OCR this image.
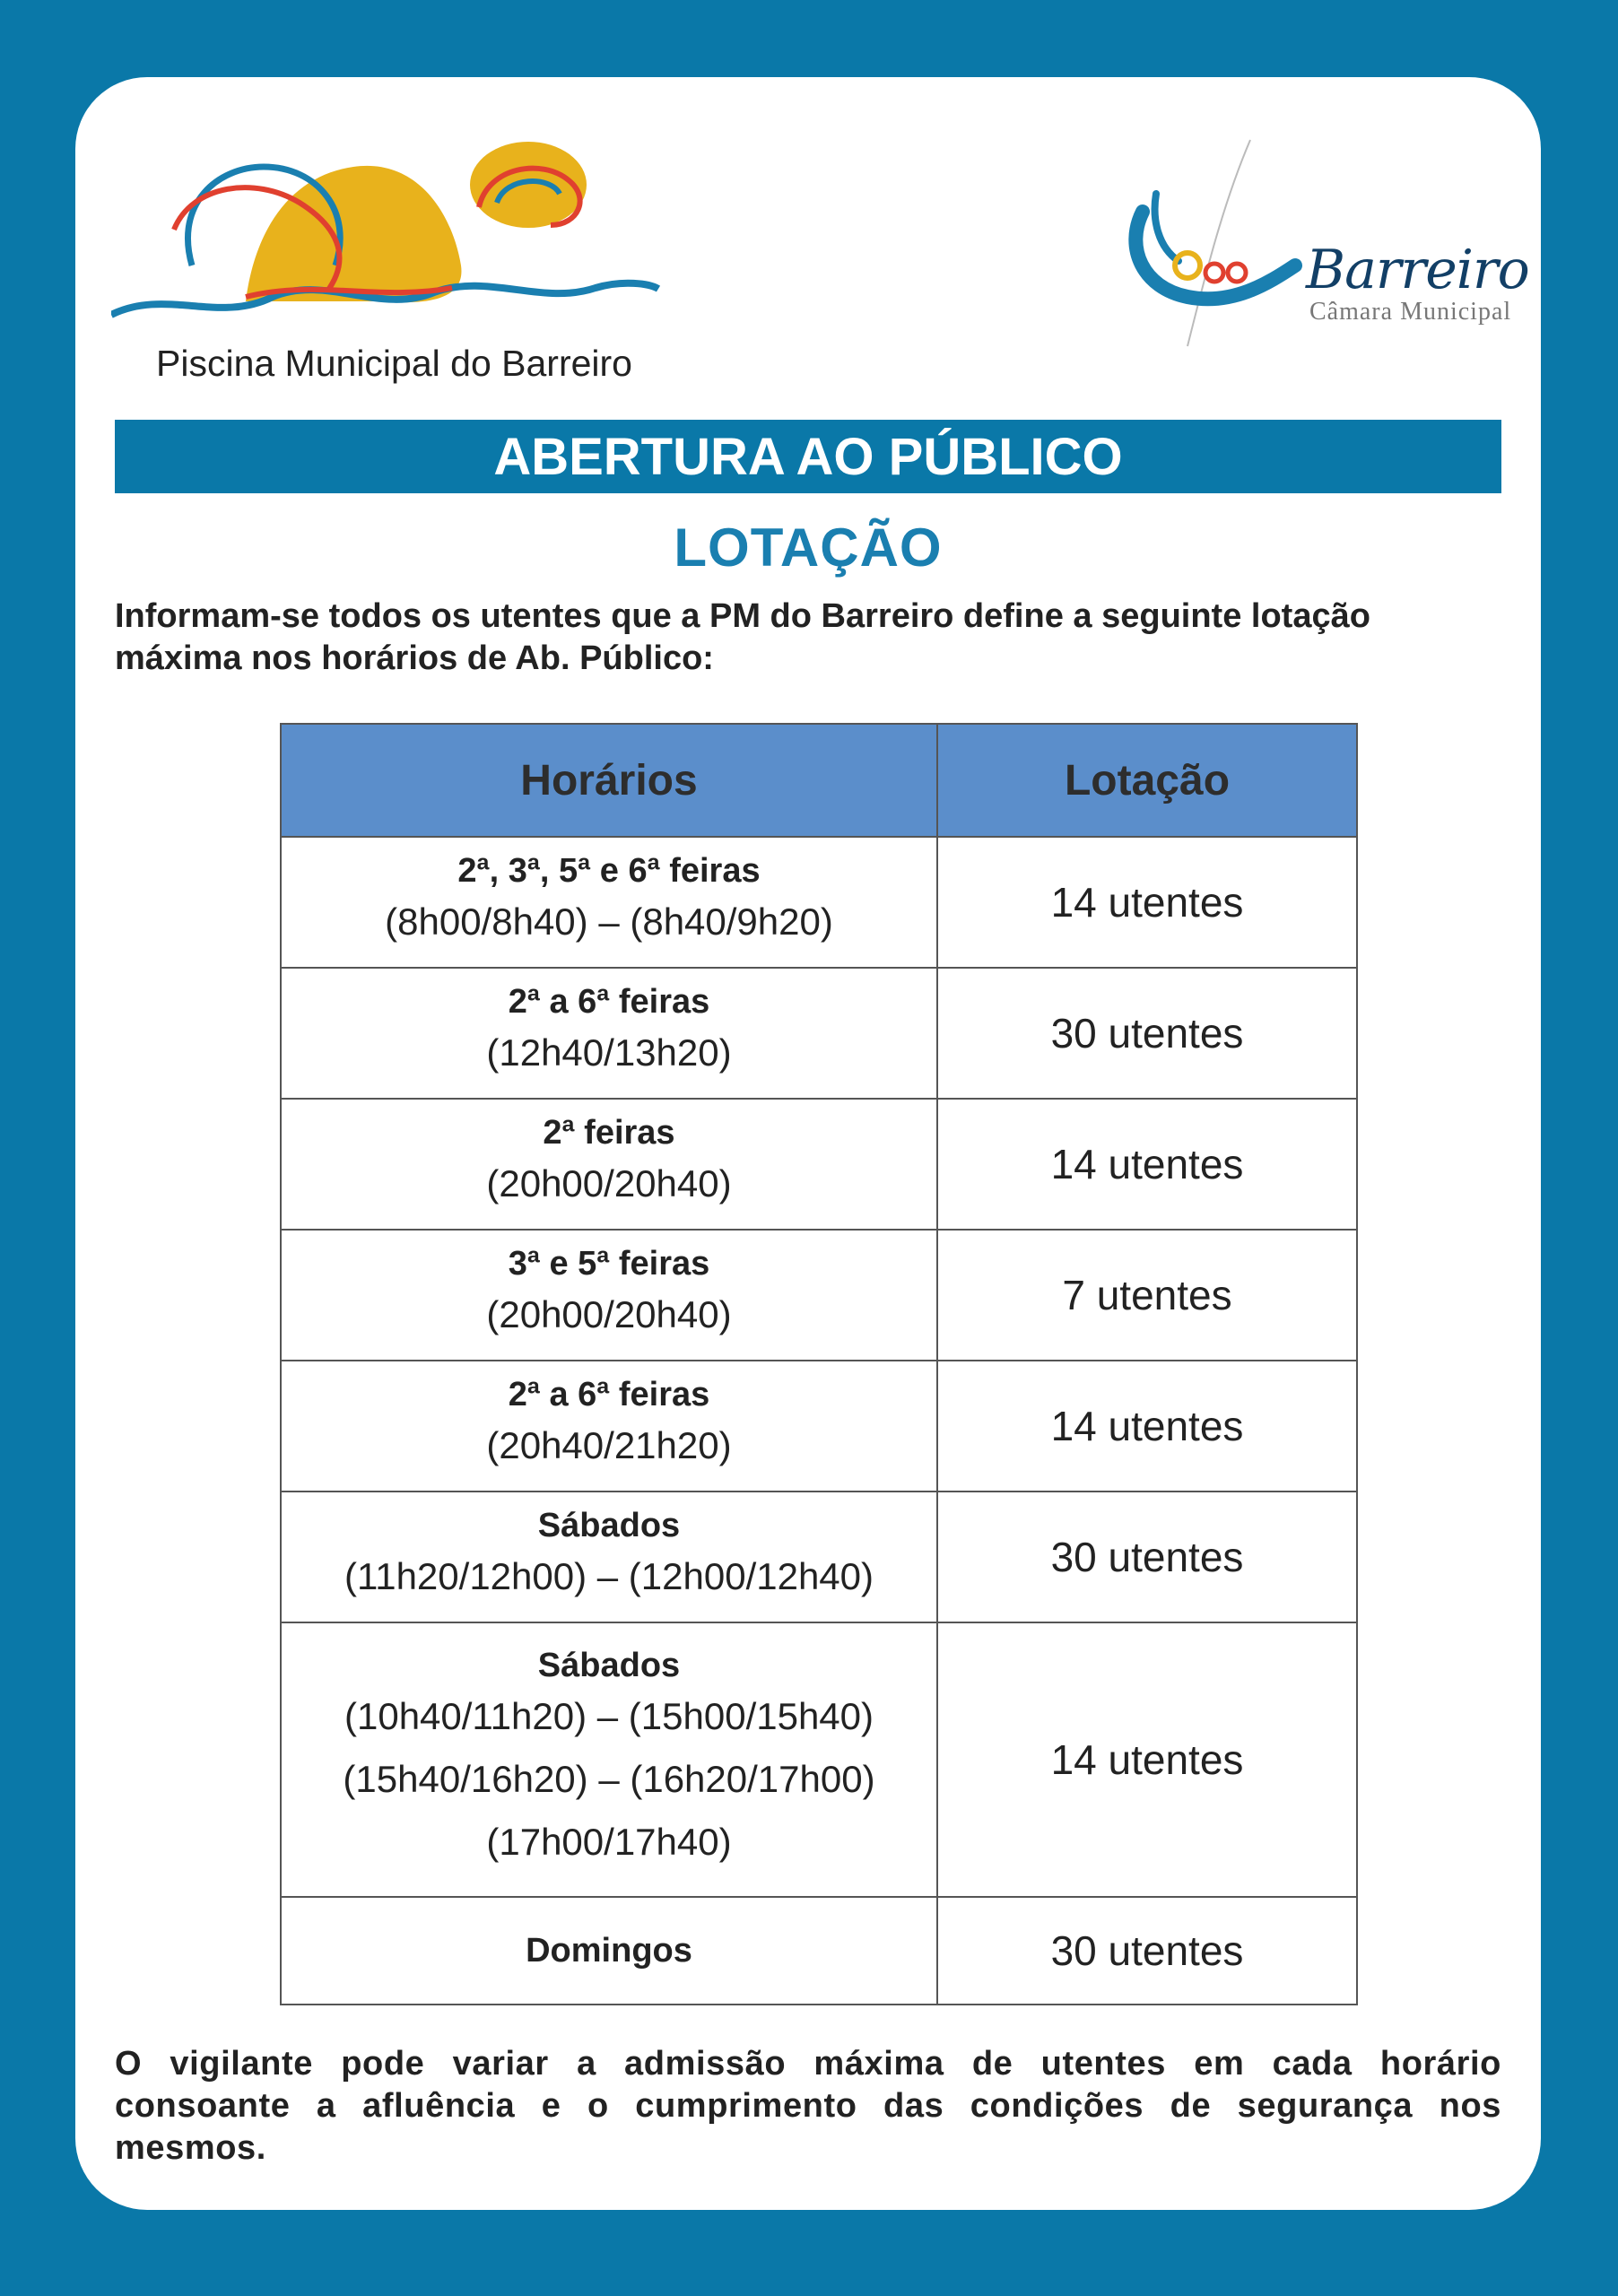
Piscina Municipal do Barreiro
Barreiro
Câmara Municipal
ABERTURA AO PÚBLICO
LOTAÇÃO
Informam-se todos os utentes que a PM do Barreiro define a seguinte lotação máxima nos horários de Ab. Público:
Horários	Lotação

2ª, 3ª, 5ª e 6ª feiras
(8h00/8h40) – (8h40/9h20)	14 utentes

2ª a 6ª feiras
(12h40/13h20)	30 utentes

2ª feiras
(20h00/20h40)	14 utentes

3ª e 5ª feiras
(20h00/20h40)	7 utentes

2ª a 6ª feiras
(20h40/21h20)	14 utentes

Sábados
(11h20/12h00) – (12h00/12h40)	30 utentes

Sábados
(10h40/11h20) – (15h00/15h40)
(15h40/16h20) – (16h20/17h00)
(17h00/17h40)	14 utentes

Domingos	30 utentes
O vigilante pode variar a admissão máxima de utentes em cada horário consoante a afluência e o cumprimento das condições de segurança nos mesmos.
